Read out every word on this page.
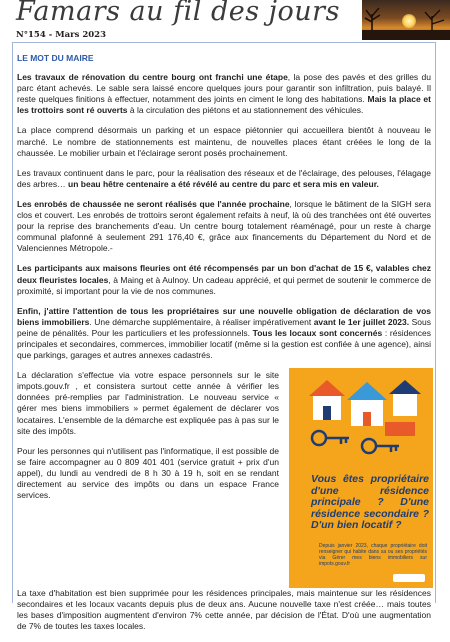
Famars au fil des jours
N°154 - Mars 2023
LE MOT DU MAIRE

Les travaux de rénovation du centre bourg ont franchi une étape, la pose des pavés et des grilles du parc étant achevés. Le sable sera laissé encore quelques jours pour garantir son infiltration, puis balayé. Il reste quelques finitions à effectuer, notamment des joints en ciment le long des habitations. Mais la place et les trottoirs sont ré ouverts à la circulation des piétons et au stationnement des véhicules.

La place comprend désormais un parking et un espace piétonnier qui accueillera bientôt à nouveau le marché. Le nombre de stationnements est maintenu, de nouvelles places étant créées le long de la chaussée. Le mobilier urbain et l'éclairage seront posés prochainement.

Les travaux continuent dans le parc, pour la réalisation des réseaux et de l'éclairage, des pelouses, l'élagage des arbres… un beau hêtre centenaire a été révélé au centre du parc et sera mis en valeur.

Les enrobés de chaussée ne seront réalisés que l'année prochaine, lorsque le bâtiment de la SIGH sera clos et couvert. Les enrobés de trottoirs seront également refaits à neuf, là où des tranchées ont été ouvertes pour la reprise des branchements d'eau. Un centre bourg totalement réaménagé, pour un reste à charge communal plafonné à seulement 291 176,40 €, grâce aux financements du Département du Nord et de Valenciennes Métropole.-

Les participants aux maisons fleuries ont été récompensés par un bon d'achat de 15 €, valables chez deux fleuristes locales, à Maing et à Aulnoy. Un cadeau apprécié, et qui permet de soutenir le commerce de proximité, si important pour la vie de nos communes.

Enfin, j'attire l'attention de tous les propriétaires sur une nouvelle obligation de déclaration de vos biens immobiliers. Une démarche supplémentaire, à réaliser impérativement avant le 1er juillet 2023. Sous peine de pénalités. Pour les particuliers et les professionnels. Tous les locaux sont concernés : résidences principales et secondaires, commerces, immobilier locatif (même si la gestion est confiée à une agence), ainsi que parkings, garages et autres annexes cadastrés.

La déclaration s'effectue via votre espace personnels sur le site impots.gouv.fr , et consistera surtout cette année à vérifier les données pré-remplies par l'administration. Le nouveau service « gérer mes biens immobiliers » permet également de déclarer vos locataires. L'ensemble de la démarche est expliquée pas à pas sur le site des impôts.

Pour les personnes qui n'utilisent pas l'informatique, il est possible de se faire accompagner au 0 809 401 401 (service gratuit + prix d'un appel), du lundi au vendredi de 8 h 30 à 19 h, soit en se rendant directement au service des impôts ou dans un espace France services.

Vous êtes propriétaire d'une résidence principale ? D'une résidence secondaire ? D'un bien locatif ?
Depuis janvier 2023, chaque propriétaire doit renseigner qui habite dans sa ou ses propriétés via Gérer mes biens immobiliers sur impots.gouv.fr

La taxe d'habitation est bien supprimée pour les résidences principales, mais maintenue sur les résidences secondaires et les locaux vacants depuis plus de deux ans. Aucune nouvelle taxe n'est créée… mais toutes les bases d'imposition augmentent d'environ 7% cette année, par décision de l'État. D'où une augmentation de 7% de toutes les taxes locales.
